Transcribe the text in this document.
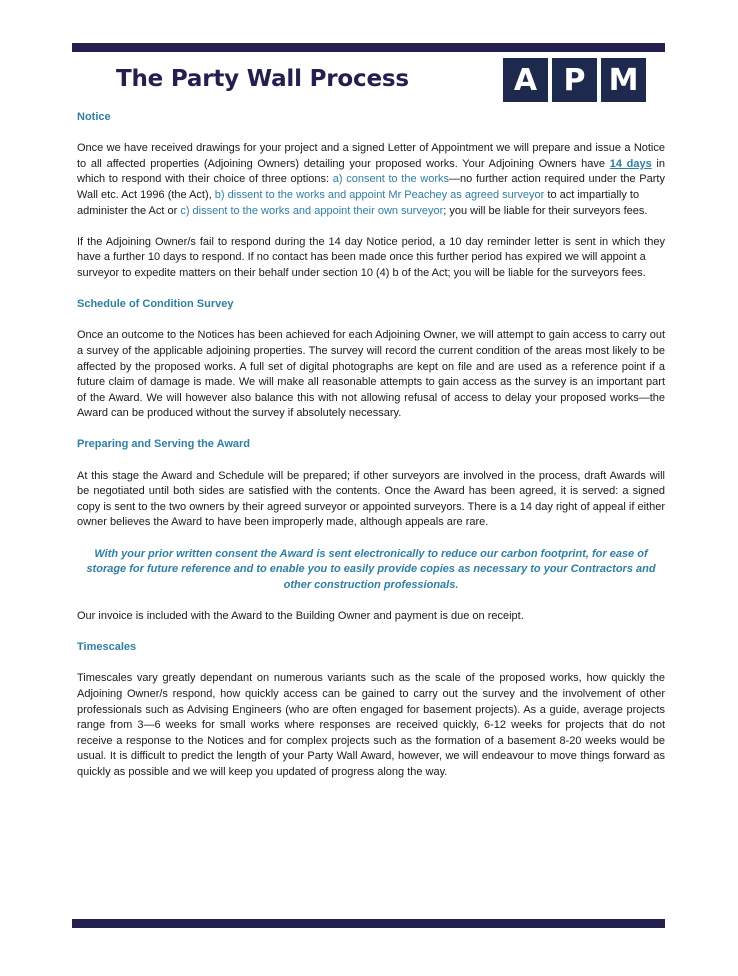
The Party Wall Process	A P M
Notice

Once we have received drawings for your project and a signed Letter of Appointment we will prepare and issue a Notice to all affected properties (Adjoining Owners) detailing your proposed works. Your Adjoining Owners have 14 days in which to respond with their choice of three options: a) consent to the works—no further action required under the Party Wall etc. Act 1996 (the Act), b) dissent to the works and appoint Mr Peachey as agreed surveyor to act impartially to

administer the Act or c) dissent to the works and appoint their own surveyor; you will be liable for their surveyors fees.

If the Adjoining Owner/s fail to respond during the 14 day Notice period, a 10 day reminder letter is sent in which they have a further 10 days to respond. If no contact has been made once this further period has expired we will appoint a

surveyor to expedite matters on their behalf under section 10 (4) b of the Act; you will be liable for the surveyors fees.

Schedule of Condition Survey

Once an outcome to the Notices has been achieved for each Adjoining Owner, we will attempt to gain access to carry out a survey of the applicable adjoining properties. The survey will record the current condition of the areas most likely to be affected by the proposed works. A full set of digital photographs are kept on file and are used as a reference point if a future claim of damage is made. We will make all reasonable attempts to gain access as the survey is an important part of the Award. We will however also balance this with not allowing refusal of access to delay your proposed works—the Award can be produced without the survey if absolutely necessary.

Preparing and Serving the Award

At this stage the Award and Schedule will be prepared; if other surveyors are involved in the process, draft Awards will be negotiated until both sides are satisfied with the contents. Once the Award has been agreed, it is served: a signed copy is sent to the two owners by their agreed surveyor or appointed surveyors. There is a 14 day right of appeal if either owner believes the Award to have been improperly made, although appeals are rare.

With your prior written consent the Award is sent electronically to reduce our carbon footprint, for ease of storage for future reference and to enable you to easily provide copies as necessary to your Contractors and other construction professionals.

Our invoice is included with the Award to the Building Owner and payment is due on receipt.

Timescales

Timescales vary greatly dependant on numerous variants such as the scale of the proposed works, how quickly the Adjoining Owner/s respond, how quickly access can be gained to carry out the survey and the involvement of other professionals such as Advising Engineers (who are often engaged for basement projects). As a guide, average projects range from 3—6 weeks for small works where responses are received quickly, 6-12 weeks for projects that do not receive a response to the Notices and for complex projects such as the formation of a basement 8-20 weeks would be usual. It is difficult to predict the length of your Party Wall Award, however, we will endeavour to move things forward as quickly as possible and we will keep you updated of progress along the way.
